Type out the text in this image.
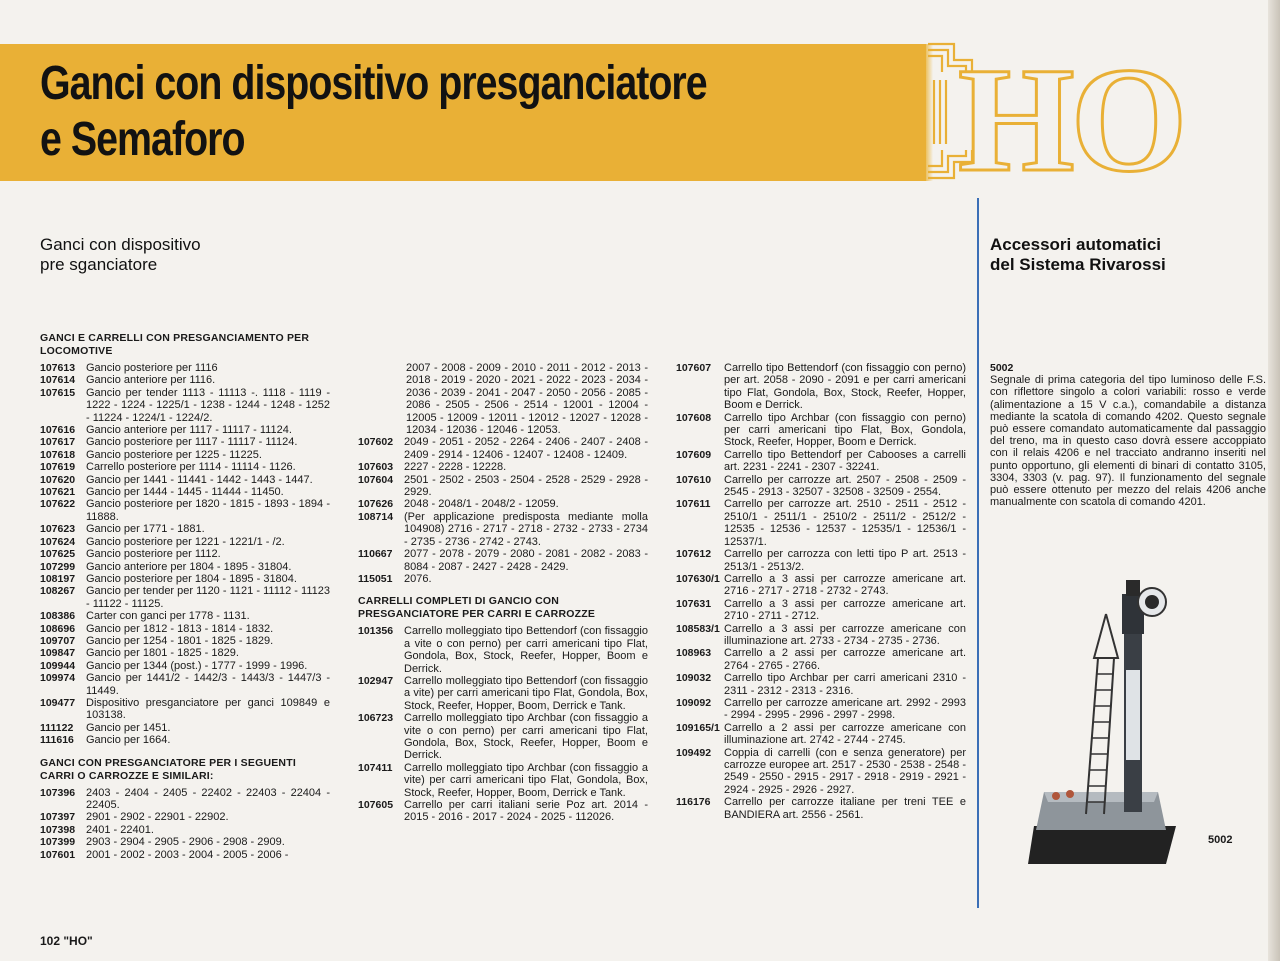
Ganci con dispositivo presganciatore
e Semaforo	HO
Ganci con dispositivo
pre sganciatore
Accessori automatici
del Sistema Rivarossi
GANCI E CARRELLI CON PRESGANCIAMENTO PER LOCOMOTIVE
107613 Gancio posteriore per 1116
107614 Gancio anteriore per 1116.
107615 Gancio per tender 1113 - 11113 -. 1118 - 1119 - 1222 - 1224 - 1225/1 - 1238 - 1244 - 1248 - 1252 - 11224 - 1224/1 - 1224/2.
107616 Gancio anteriore per 1117 - 11117 - 11124.
107617 Gancio posteriore per 1117 - 11117 - 11124.
107618 Gancio posteriore per 1225 - 11225.
107619 Carrello posteriore per 1114 - 11114 - 1126.
107620 Gancio per 1441 - 11441 - 1442 - 1443 - 1447.
107621 Gancio per 1444 - 1445 - 11444 - 11450.
107622 Gancio posteriore per 1820 - 1815 - 1893 - 1894 - 11888.
107623 Gancio per 1771 - 1881.
107624 Gancio posteriore per 1221 - 1221/1 - /2.
107625 Gancio posteriore per 1112.
107299 Gancio anteriore per 1804 - 1895 - 31804.
108197 Gancio posteriore per 1804 - 1895 - 31804.
108267 Gancio per tender per 1120 - 1121 - 11112 - 11123 - 11122 - 11125.
108386 Carter con ganci per 1778 - 1131.
108696 Gancio per 1812 - 1813 - 1814 - 1832.
109707 Gancio per 1254 - 1801 - 1825 - 1829.
109847 Gancio per 1801 - 1825 - 1829.
109944 Gancio per 1344 (post.) - 1777 - 1999 - 1996.
109974 Gancio per 1441/2 - 1442/3 - 1443/3 - 1447/3 - 11449.
109477 Dispositivo presganciatore per ganci 109849 e 103138.
111122	Gancio per 1451.
111616	Gancio per 1664.
GANCI CON PRESGANCIATORE PER I SEGUENTI CARRI O CARROZZE E SIMILARI:
107396 2403 - 2404 - 2405 - 22402 - 22403 - 22404 - 22405.
107397 2901 - 2902 - 22901 - 22902.
107398 2401 - 22401.
107399 2903 - 2904 - 2905 - 2906 - 2908 - 2909.
107601 2001 - 2002 - 2003 - 2004 - 2005 - 2006 -
2007 - 2008 - 2009 - 2010 - 2011 - 2012 - 2013 - 2018 - 2019 - 2020 - 2021 - 2022 - 2023 - 2034 - 2036 - 2039 - 2041 - 2047 - 2050 - 2056 - 2085 - 2086 - 2505 - 2506 - 2514 - 12001 - 12004 - 12005 - 12009 - 12011 - 12012 - 12027 - 12028 - 12034 - 12036 - 12046 - 12053.
107602 2049 - 2051 - 2052 - 2264 - 2406 - 2407 - 2408 - 2409 - 2914 - 12406 - 12407 - 12408 - 12409.
107603 2227 - 2228 - 12228.
107604 2501 - 2502 - 2503 - 2504 - 2528 - 2529 - 2928 - 2929.
107626 2048 - 2048/1 - 2048/2 - 12059.
108714 (Per applicazione predisposta mediante molla 104908) 2716 - 2717 - 2718 - 2732 - 2733 - 2734 - 2735 - 2736 - 2742 - 2743.
110667	2077 - 2078 - 2079 - 2080 - 2081 - 2082 - 2083 - 8084 - 2087 - 2427 - 2428 - 2429.
115051	2076.
CARRELLI COMPLETI DI GANCIO CON PRESGANCIATORE PER CARRI E CARROZZE
101356 Carrello molleggiato tipo Bettendorf (con fissaggio a vite o con perno) per carri americani tipo Flat, Gondola, Box, Stock, Reefer, Hopper, Boom e Derrick.
102947 Carrello molleggiato tipo Bettendorf (con fissaggio a vite) per carri americani tipo Flat, Gondola, Box, Stock, Reefer, Hopper, Boom, Derrick e Tank.
106723 Carrello molleggiato tipo Archbar (con fissaggio a vite o con perno) per carri americani tipo Flat, Gondola, Box, Stock, Reefer, Hopper, Boom e Derrick.
107411	Carrello molleggiato tipo Archbar (con fissaggio a vite) per carri americani tipo Flat, Gondola, Box, Stock, Reefer, Hopper, Boom, Derrick e Tank.
107605 Carrello per carri italiani serie Poz art. 2014 - 2015 - 2016 - 2017 - 2024 - 2025 - 112026.
107607	Carrello tipo Bettendorf (con fissaggio con perno) per art. 2058 - 2090 - 2091 e per carri americani tipo Flat, Gondola, Box, Stock, Reefer, Hopper, Boom e Derrick.
107608	Carrello tipo Archbar (con fissaggio con perno) per carri americani tipo Flat, Box, Gondola, Stock, Reefer, Hopper, Boom e Derrick.
107609	Carrello tipo Bettendorf per Cabooses a carrelli art. 2231 - 2241 - 2307 - 32241.
107610	Carrello per carrozze art. 2507 - 2508 - 2509 - 2545 - 2913 - 32507 - 32508 - 32509 - 2554.
107611	Carrello per carrozze art. 2510 - 2511 - 2512 - 2510/1 - 2511/1 - 2510/2 - 2511/2 - 2512/2 - 12535 - 12536 - 12537 - 12535/1 - 12536/1 - 12537/1.
107612	Carrello per carrozza con letti tipo P art. 2513 - 2513/1 - 2513/2.
107630/1 Carrello a 3 assi per carrozze americane art. 2716 - 2717 - 2718 - 2732 - 2743.
107631	Carrello a 3 assi per carrozze americane art. 2710 - 2711 - 2712.
108583/1 Carrello a 3 assi per carrozze americane con illuminazione art. 2733 - 2734 - 2735 - 2736.
108963	Carrello a 2 assi per carrozze americane art. 2764 - 2765 - 2766.
109032	Carrello tipo Archbar per carri americani 2310 - 2311 - 2312 - 2313 - 2316.
109092	Carrello per carrozze americane art. 2992 - 2993 - 2994 - 2995 - 2996 - 2997 - 2998.
109165/1 Carrello a 2 assi per carrozze americane con illuminazione art. 2742 - 2744 - 2745.
109492	Coppia di carrelli (con e senza generatore) per carrozze europee art. 2517 - 2530 - 2538 - 2548 - 2549 - 2550 - 2915 - 2917 - 2918 - 2919 - 2921 - 2924 - 2925 - 2926 - 2927.
116176	Carrello per carrozze italiane per treni TEE e BANDIERA art. 2556 - 2561.
5002
Segnale di prima categoria del tipo luminoso delle F.S. con riflettore singolo a colori variabili: rosso e verde (alimentazione a 15 V c.a.), comandabile a distanza mediante la scatola di comando 4202. Questo segnale può essere comandato automaticamente dal passaggio del treno, ma in questo caso dovrà essere accoppiato con il relais 4206 e nel tracciato andranno inseriti nel punto opportuno, gli elementi di binari di contatto 3105, 3304, 3303 (v. pag. 97). Il funzionamento del segnale può essere ottenuto per mezzo del relais 4206 anche manualmente con scatola di comando 4201.
5002
102 "HO"
